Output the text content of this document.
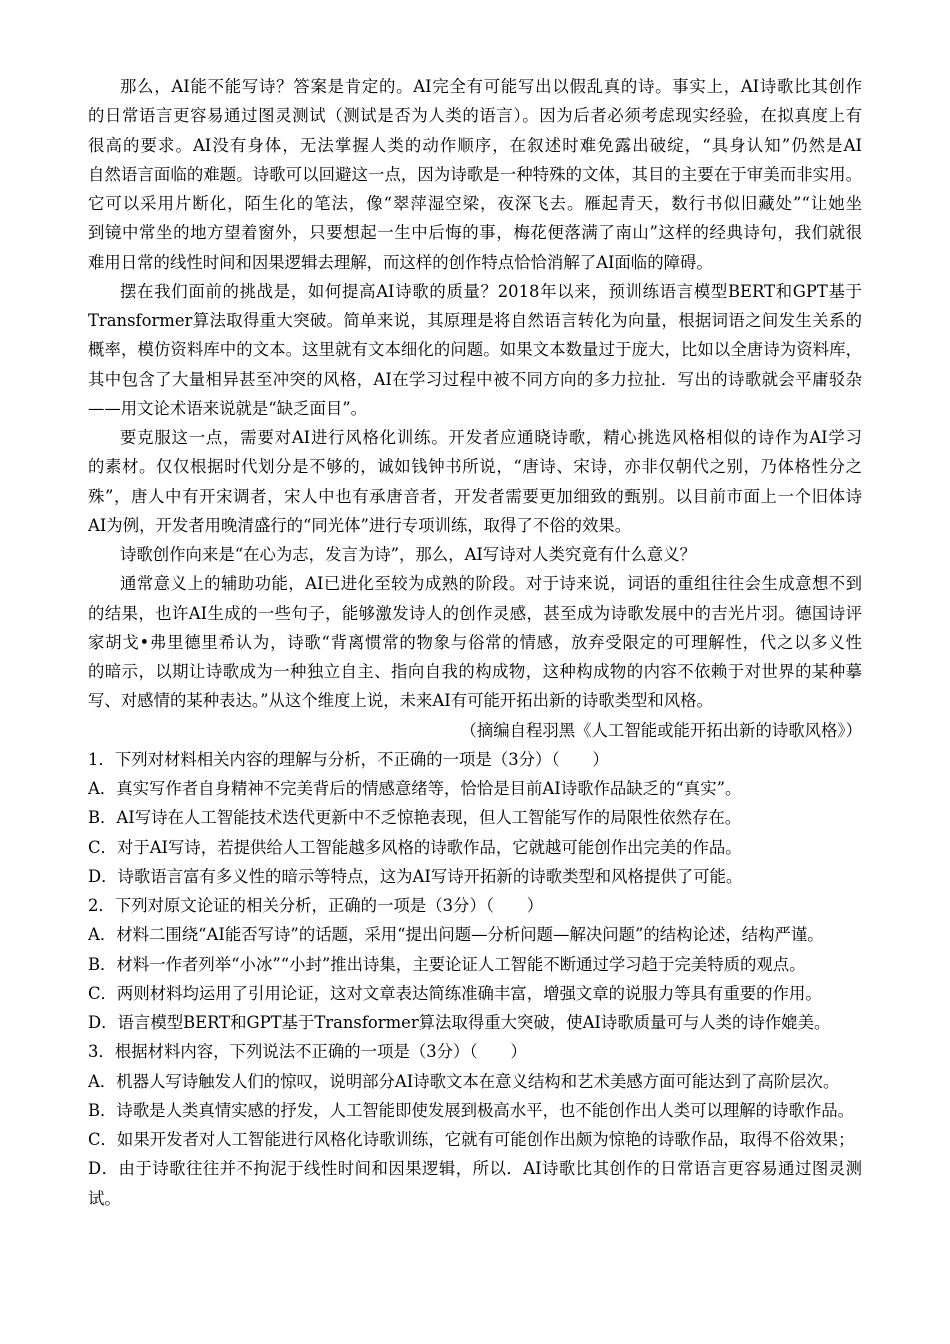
那么，AI能不能写诗？答案是肯定的。AI完全有可能写出以假乱真的诗。事实上，AI诗歌比其创作
的日常语言更容易通过图灵测试（测试是否为人类的语言）。因为后者必须考虑现实经验，在拟真度上有
很高的要求。AI没有身体，无法掌握人类的动作顺序，在叙述时难免露出破绽，“具身认知”仍然是AI
自然语言面临的难题。诗歌可以回避这一点，因为诗歌是一种特殊的文体，其目的主要在于审美而非实用。
它可以采用片断化，陌生化的笔法，像“翠萍湿空梁，夜深飞去。雁起青天，数行书似旧藏处”“让她坐
到镜中常坐的地方望着窗外，只要想起一生中后悔的事，梅花便落满了南山”这样的经典诗句，我们就很
难用日常的线性时间和因果逻辑去理解，而这样的创作特点恰恰消解了AI面临的障碍。
摆在我们面前的挑战是，如何提高AI诗歌的质量？2018年以来，预训练语言模型BERT和GPT基于
Transformer算法取得重大突破。简单来说，其原理是将自然语言转化为向量，根据词语之间发生关系的
概率，模仿资料库中的文本。这里就有文本细化的问题。如果文本数量过于庞大，比如以全唐诗为资料库，
其中包含了大量相异甚至冲突的风格，AI在学习过程中被不同方向的多力拉扯．写出的诗歌就会平庸驳杂
——用文论术语来说就是“缺乏面目”。
要克服这一点，需要对AI进行风格化训练。开发者应通晓诗歌，精心挑选风格相似的诗作为AI学习
的素材。仅仅根据时代划分是不够的，诚如钱钟书所说，“唐诗、宋诗，亦非仅朝代之别，乃体格性分之
殊”，唐人中有开宋调者，宋人中也有承唐音者，开发者需要更加细致的甄别。以目前市面上一个旧体诗
AI为例，开发者用晚清盛行的“同光体”进行专项训练，取得了不俗的效果。
诗歌创作向来是“在心为志，发言为诗”，那么，AI写诗对人类究竟有什么意义？
通常意义上的辅助功能，AI已进化至较为成熟的阶段。对于诗来说，词语的重组往往会生成意想不到
的结果，也许AI生成的一些句子，能够激发诗人的创作灵感，甚至成为诗歌发展中的吉光片羽。德国诗评
家胡戈•弗里德里希认为，诗歌“背离惯常的物象与俗常的情感，放弃受限定的可理解性，代之以多义性
的暗示，以期让诗歌成为一种独立自主、指向自我的构成物，这种构成物的内容不依赖于对世界的某种摹
写、对感情的某种表达。”从这个维度上说，未来AI有可能开拓出新的诗歌类型和风格。
（摘编自程羽黑《人工智能或能开拓出新的诗歌风格》）
1．下列对材料相关内容的理解与分析，不正确的一项是（3分）（　　）
A．真实写作者自身精神不完美背后的情感意绪等，恰恰是目前AI诗歌作品缺乏的“真实”。
B．AI写诗在人工智能技术迭代更新中不乏惊艳表现，但人工智能写作的局限性依然存在。
C．对于AI写诗，若提供给人工智能越多风格的诗歌作品，它就越可能创作出完美的作品。
D．诗歌语言富有多义性的暗示等特点，这为AI写诗开拓新的诗歌类型和风格提供了可能。
2．下列对原文论证的相关分析，正确的一项是（3分）（　　）
A．材料二围绕“AI能否写诗”的话题，采用“提出问题—分析问题—解决问题”的结构论述，结构严谨。
B．材料一作者列举“小冰”“小封”推出诗集，主要论证人工智能不断通过学习趋于完美特质的观点。
C．两则材料均运用了引用论证，这对文章表达简练准确丰富，增强文章的说服力等具有重要的作用。
D．语言模型BERT和GPT基于Transformer算法取得重大突破，使AI诗歌质量可与人类的诗作媲美。
3．根据材料内容，下列说法不正确的一项是（3分）（　　）
A．机器人写诗触发人们的惊叹，说明部分AI诗歌文本在意义结构和艺术美感方面可能达到了高阶层次。
B．诗歌是人类真情实感的抒发，人工智能即使发展到极高水平，也不能创作出人类可以理解的诗歌作品。
C．如果开发者对人工智能进行风格化诗歌训练，它就有可能创作出颇为惊艳的诗歌作品，取得不俗效果；
D．由于诗歌往往并不拘泥于线性时间和因果逻辑，所以．AI诗歌比其创作的日常语言更容易通过图灵测
试。
